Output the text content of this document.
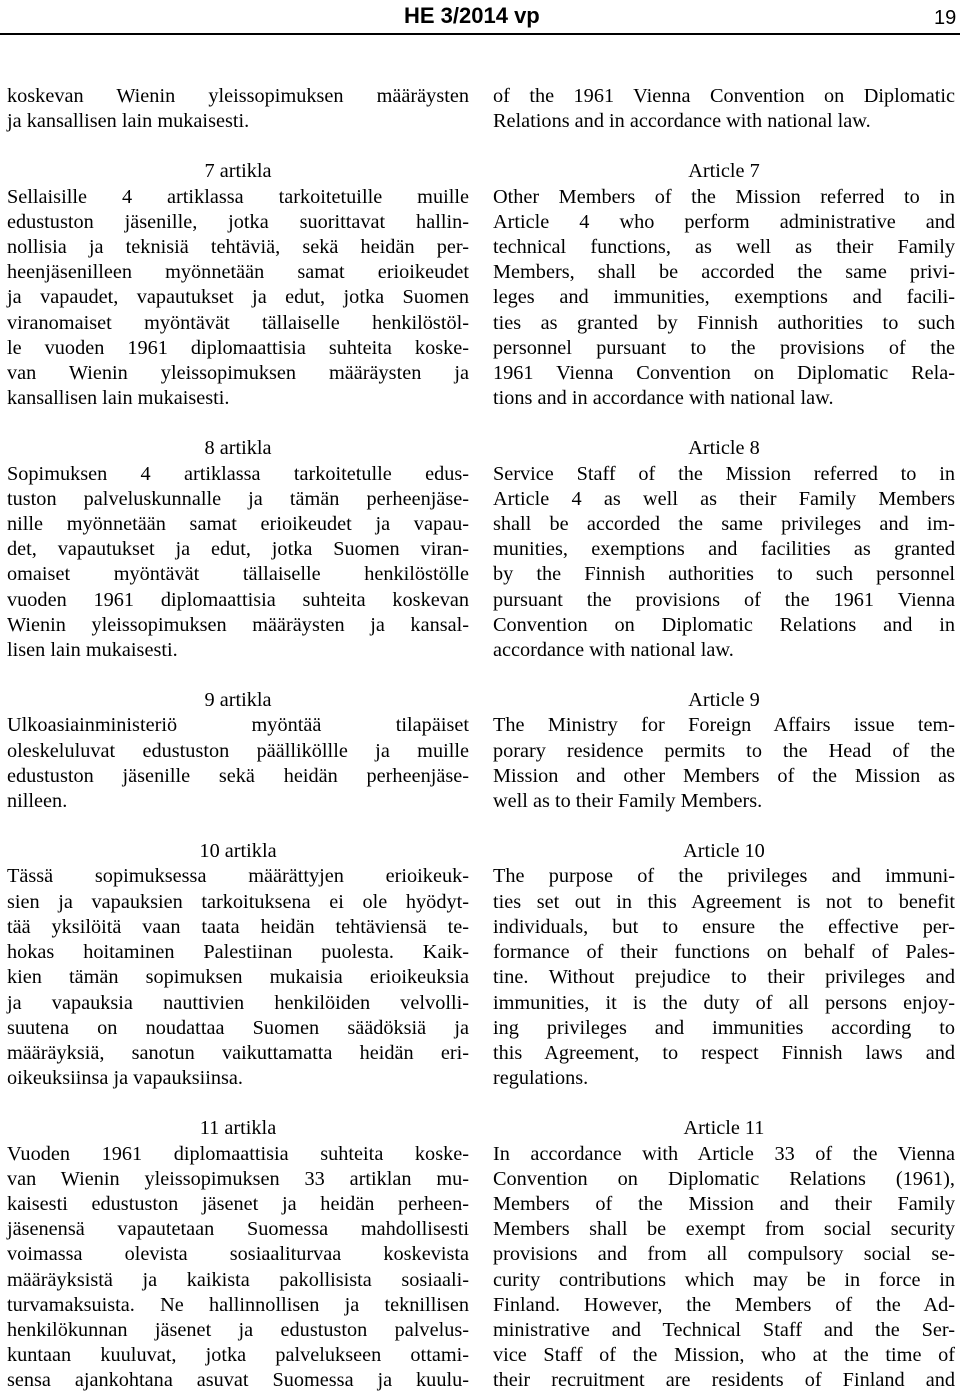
HE 3/2014 vp	19
koskevan Wienin yleissopimuksen määräysten
ja kansallisen lain mukaisesti.
7 artikla
Sellaisille 4 artiklassa tarkoitetuille muille
edustuston jäsenille, jotka suorittavat hallin-
nollisia ja teknisiä tehtäviä, sekä heidän per-
heenjäsenilleen myönnetään samat erioikeudet
ja vapaudet, vapautukset ja edut, jotka Suomen
viranomaiset myöntävät tällaiselle henkilöstöl-
le vuoden 1961 diplomaattisia suhteita koske-
van Wienin yleissopimuksen määräysten ja
kansallisen lain mukaisesti.
8 artikla
Sopimuksen 4 artiklassa tarkoitetulle edus-
tuston palveluskunnalle ja tämän perheenjäse-
nille myönnetään samat erioikeudet ja vapau-
det, vapautukset ja edut, jotka Suomen viran-
omaiset myöntävät tällaiselle henkilöstölle
vuoden 1961 diplomaattisia suhteita koskevan
Wienin yleissopimuksen määräysten ja kansal-
lisen lain mukaisesti.
9 artikla
Ulkoasiainministeriö myöntää tilapäiset
oleskeluluvat edustuston päälliköllle ja muille
edustuston jäsenille sekä heidän perheenjäse-
nilleen.
10 artikla
Tässä sopimuksessa määrättyjen erioikeuk-
sien ja vapauksien tarkoituksena ei ole hyödyt-
tää yksilöitä vaan taata heidän tehtäviensä te-
hokas hoitaminen Palestiinan puolesta. Kaik-
kien tämän sopimuksen mukaisia erioikeuksia
ja vapauksia nauttivien henkilöiden velvolli-
suutena on noudattaa Suomen säädöksiä ja
määräyksiä, sanotun vaikuttamatta heidän eri-
oikeuksiinsa ja vapauksiinsa.
11 artikla
Vuoden 1961 diplomaattisia suhteita koske-
van Wienin yleissopimuksen 33 artiklan mu-
kaisesti edustuston jäsenet ja heidän perheen-
jäsenensä vapautetaan Suomessa mahdollisesti
voimassa olevista sosiaaliturvaa koskevista
määräyksistä ja kaikista pakollisista sosiaali-
turvamaksuista. Ne hallinnollisen ja teknillisen
henkilökunnan jäsenet ja edustuston palvelus-
kuntaan kuuluvat, jotka palvelukseen ottami-
sensa ajankohtana asuvat Suomessa ja kuulu-
of the 1961 Vienna Convention on Diplomatic
Relations and in accordance with national law.
Article 7
Other Members of the Mission referred to in
Article 4 who perform administrative and
technical functions, as well as their Family
Members, shall be accorded the same privi-
leges and immunities, exemptions and facili-
ties as granted by Finnish authorities to such
personnel pursuant to the provisions of the
1961 Vienna Convention on Diplomatic Rela-
tions and in accordance with national law.
Article 8
Service Staff of the Mission referred to in
Article 4 as well as their Family Members
shall be accorded the same privileges and im-
munities, exemptions and facilities as granted
by the Finnish authorities to such personnel
pursuant the provisions of the 1961 Vienna
Convention on Diplomatic Relations and in
accordance with national law.
Article 9
The Ministry for Foreign Affairs issue tem-
porary residence permits to the Head of the
Mission and other Members of the Mission as
well as to their Family Members.
Article 10
The purpose of the privileges and immuni-
ties set out in this Agreement is not to benefit
individuals, but to ensure the effective per-
formance of their functions on behalf of Pales-
tine. Without prejudice to their privileges and
immunities, it is the duty of all persons enjoy-
ing privileges and immunities according to
this Agreement, to respect Finnish laws and
regulations.
Article 11
In accordance with Article 33 of the Vienna
Convention on Diplomatic Relations (1961),
Members of the Mission and their Family
Members shall be exempt from social security
provisions and from all compulsory social se-
curity contributions which may be in force in
Finland. However, the Members of the Ad-
ministrative and Technical Staff and the Ser-
vice Staff of the Mission, who at the time of
their recruitment are residents of Finland and
